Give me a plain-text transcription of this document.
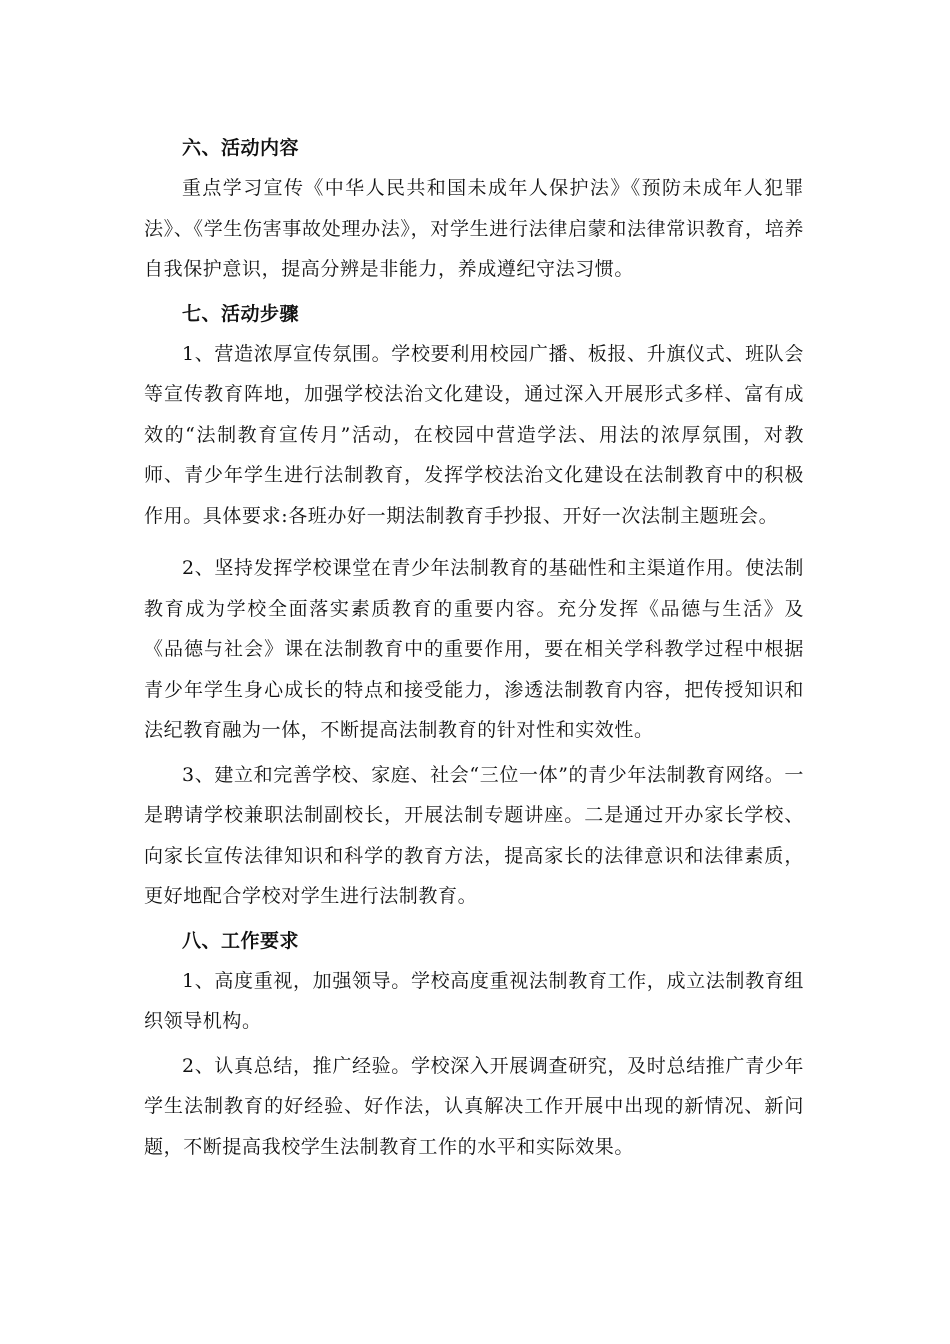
六、活动内容

重点学习宣传《中华人民共和国未成年人保护法》《预防未成年人犯罪法》、《学生伤害事故处理办法》，对学生进行法律启蒙和法律常识教育，培养自我保护意识，提高分辨是非能力，养成遵纪守法习惯。

七、活动步骤

1、营造浓厚宣传氛围。学校要利用校园广播、板报、升旗仪式、班队会等宣传教育阵地，加强学校法治文化建设，通过深入开展形式多样、富有成效的“法制教育宣传月”活动，在校园中营造学法、用法的浓厚氛围，对教师、青少年学生进行法制教育，发挥学校法治文化建设在法制教育中的积极作用。具体要求:各班办好一期法制教育手抄报、开好一次法制主题班会。

2、坚持发挥学校课堂在青少年法制教育的基础性和主渠道作用。使法制教育成为学校全面落实素质教育的重要内容。充分发挥《品德与生活》及《品德与社会》课在法制教育中的重要作用，要在相关学科教学过程中根据青少年学生身心成长的特点和接受能力，渗透法制教育内容，把传授知识和法纪教育融为一体，不断提高法制教育的针对性和实效性。

3、建立和完善学校、家庭、社会“三位一体”的青少年法制教育网络。一是聘请学校兼职法制副校长，开展法制专题讲座。二是通过开办家长学校、向家长宣传法律知识和科学的教育方法，提高家长的法律意识和法律素质，更好地配合学校对学生进行法制教育。

八、工作要求

1、高度重视，加强领导。学校高度重视法制教育工作，成立法制教育组织领导机构。

2、认真总结，推广经验。学校深入开展调查研究，及时总结推广青少年学生法制教育的好经验、好作法，认真解决工作开展中出现的新情况、新问题，不断提高我校学生法制教育工作的水平和实际效果。
